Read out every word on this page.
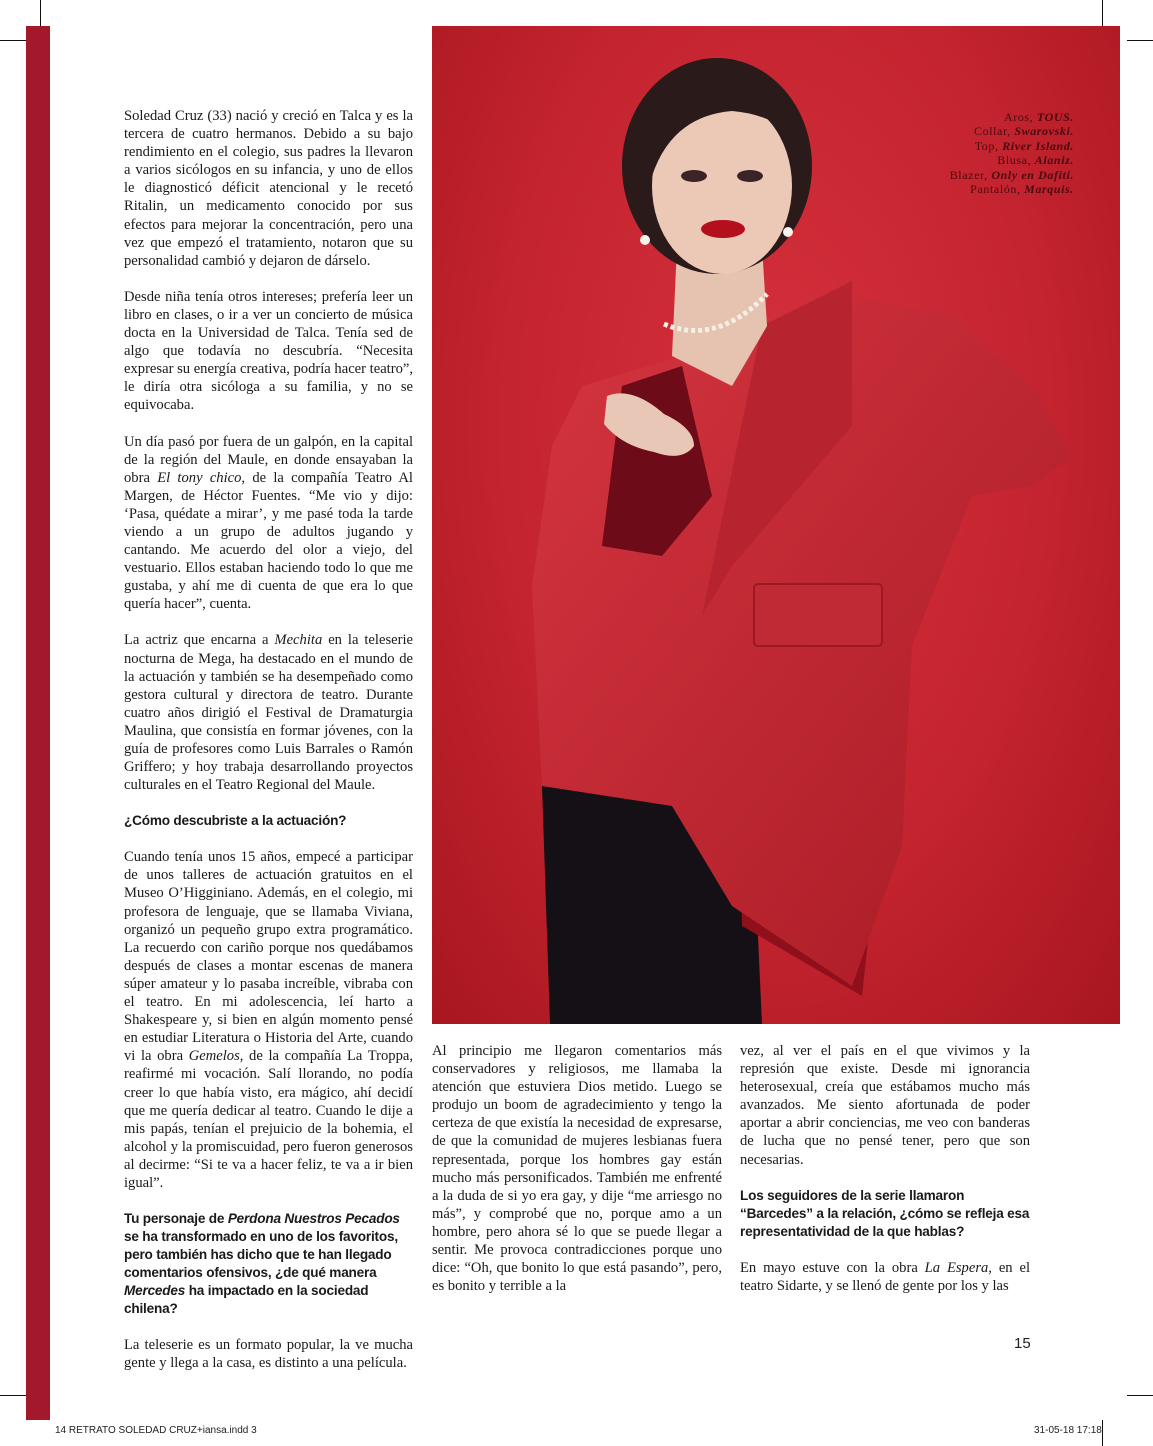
Soledad Cruz (33) nació y creció en Talca y es la tercera de cuatro hermanos. Debido a su bajo rendimiento en el colegio, sus padres la llevaron a varios sicólogos en su infancia, y uno de ellos le diagnosticó déficit atencional y le recetó Ritalin, un medicamento conocido por sus efectos para mejorar la concentración, pero una vez que empezó el tratamiento, notaron que su personalidad cambió y dejaron de dárselo.

Desde niña tenía otros intereses; prefería leer un libro en clases, o ir a ver un concierto de música docta en la Universidad de Talca. Tenía sed de algo que todavía no descubría. “Necesita expresar su energía creativa, podría hacer teatro”, le diría otra sicóloga a su familia, y no se equivocaba.

Un día pasó por fuera de un galpón, en la capital de la región del Maule, en donde ensayaban la obra El tony chico, de la compañía Teatro Al Margen, de Héctor Fuentes. “Me vio y dijo: ‘Pasa, quédate a mirar’, y me pasé toda la tarde viendo a un grupo de adultos jugando y cantando. Me acuerdo del olor a viejo, del vestuario. Ellos estaban haciendo todo lo que me gustaba, y ahí me di cuenta de que era lo que quería hacer”, cuenta.

La actriz que encarna a Mechita en la teleserie nocturna de Mega, ha destacado en el mundo de la actuación y también se ha desempeñado como gestora cultural y directora de teatro. Durante cuatro años dirigió el Festival de Dramaturgia Maulina, que consistía en formar jóvenes, con la guía de profesores como Luis Barrales o Ramón Griffero; y hoy trabaja desarrollando proyectos culturales en el Teatro Regional del Maule.

¿Cómo descubriste a la actuación?

Cuando tenía unos 15 años, empecé a participar de unos talleres de actuación gratuitos en el Museo O’Higginiano. Además, en el colegio, mi profesora de lenguaje, que se llamaba Viviana, organizó un pequeño grupo extra programático. La recuerdo con cariño porque nos quedábamos después de clases a montar escenas de manera súper amateur y lo pasaba increíble, vibraba con el teatro. En mi adolescencia, leí harto a Shakespeare y, si bien en algún momento pensé en estudiar Literatura o Historia del Arte, cuando vi la obra Gemelos, de la compañía La Troppa, reafirmé mi vocación. Salí llorando, no podía creer lo que había visto, era mágico, ahí decidí que me quería dedicar al teatro. Cuando le dije a mis papás, tenían el prejuicio de la bohemia, el alcohol y la promiscuidad, pero fueron generosos al decirme: “Si te va a hacer feliz, te va a ir bien igual”.

Tu personaje de Perdona Nuestros Pecados se ha transformado en uno de los favoritos, pero también has dicho que te han llegado comentarios ofensivos, ¿de qué manera Mercedes ha impactado en la sociedad chilena?

La teleserie es un formato popular, la ve mucha gente y llega a la casa, es distinto a una película.

Aros, TOUS.
Collar, Swarovski.
Top, River Island.
Blusa, Alaniz.
Blazer, Only en Dafiti.
Pantalón, Marquis.

Al principio me llegaron comentarios más conservadores y religiosos, me llamaba la atención que estuviera Dios metido. Luego se produjo un boom de agradecimiento y tengo la certeza de que existía la necesidad de expresarse, de que la comunidad de mujeres lesbianas fuera representada, porque los hombres gay están mucho más personificados. También me enfrenté a la duda de si yo era gay, y dije “me arriesgo no más”, y comprobé que no, porque amo a un hombre, pero ahora sé lo que se puede llegar a sentir. Me provoca contradicciones porque uno dice: “Oh, que bonito lo que está pasando”, pero, es bonito y terrible a la

vez, al ver el país en el que vivimos y la represión que existe. Desde mi ignorancia heterosexual, creía que estábamos mucho más avanzados. Me siento afortunada de poder aportar a abrir conciencias, me veo con banderas de lucha que no pensé tener, pero que son necesarias.

Los seguidores de la serie llamaron “Barcedes” a la relación, ¿cómo se refleja esa representatividad de la que hablas?

En mayo estuve con la obra La Espera, en el teatro Sidarte, y se llenó de gente por los y las

15
14 RETRATO SOLEDAD CRUZ+iansa.indd 3	31-05-18 17:18
